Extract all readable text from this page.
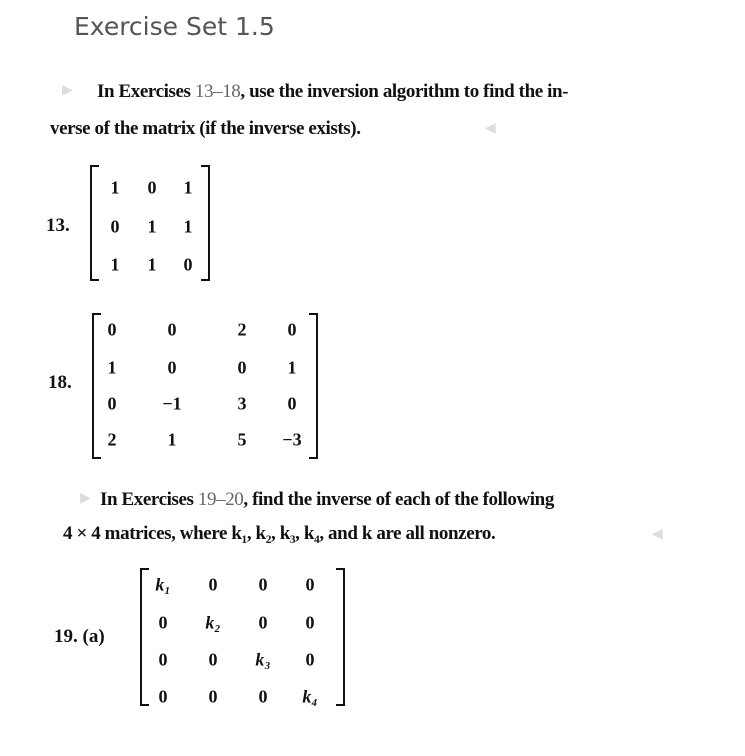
Exercise Set 1.5
▶ In Exercises 13–18, use the inversion algorithm to find the in-
verse of the matrix (if the inverse exists).	◀
13.
1 0 1
0 1 1
1 1 0
18.
0	0	2 0
1	0	0 1
0	−1	3 0
2	1	5 −3
▶ In Exercises 19–20, find the inverse of each of the following
4 × 4 matrices, where k₁, k₂, k₃, k₄, and k are all nonzero.	◀
19. (a)
k₁ 0 0 0
0 k₂ 0 0
0 0 k₃ 0
0 0 0 k₄
